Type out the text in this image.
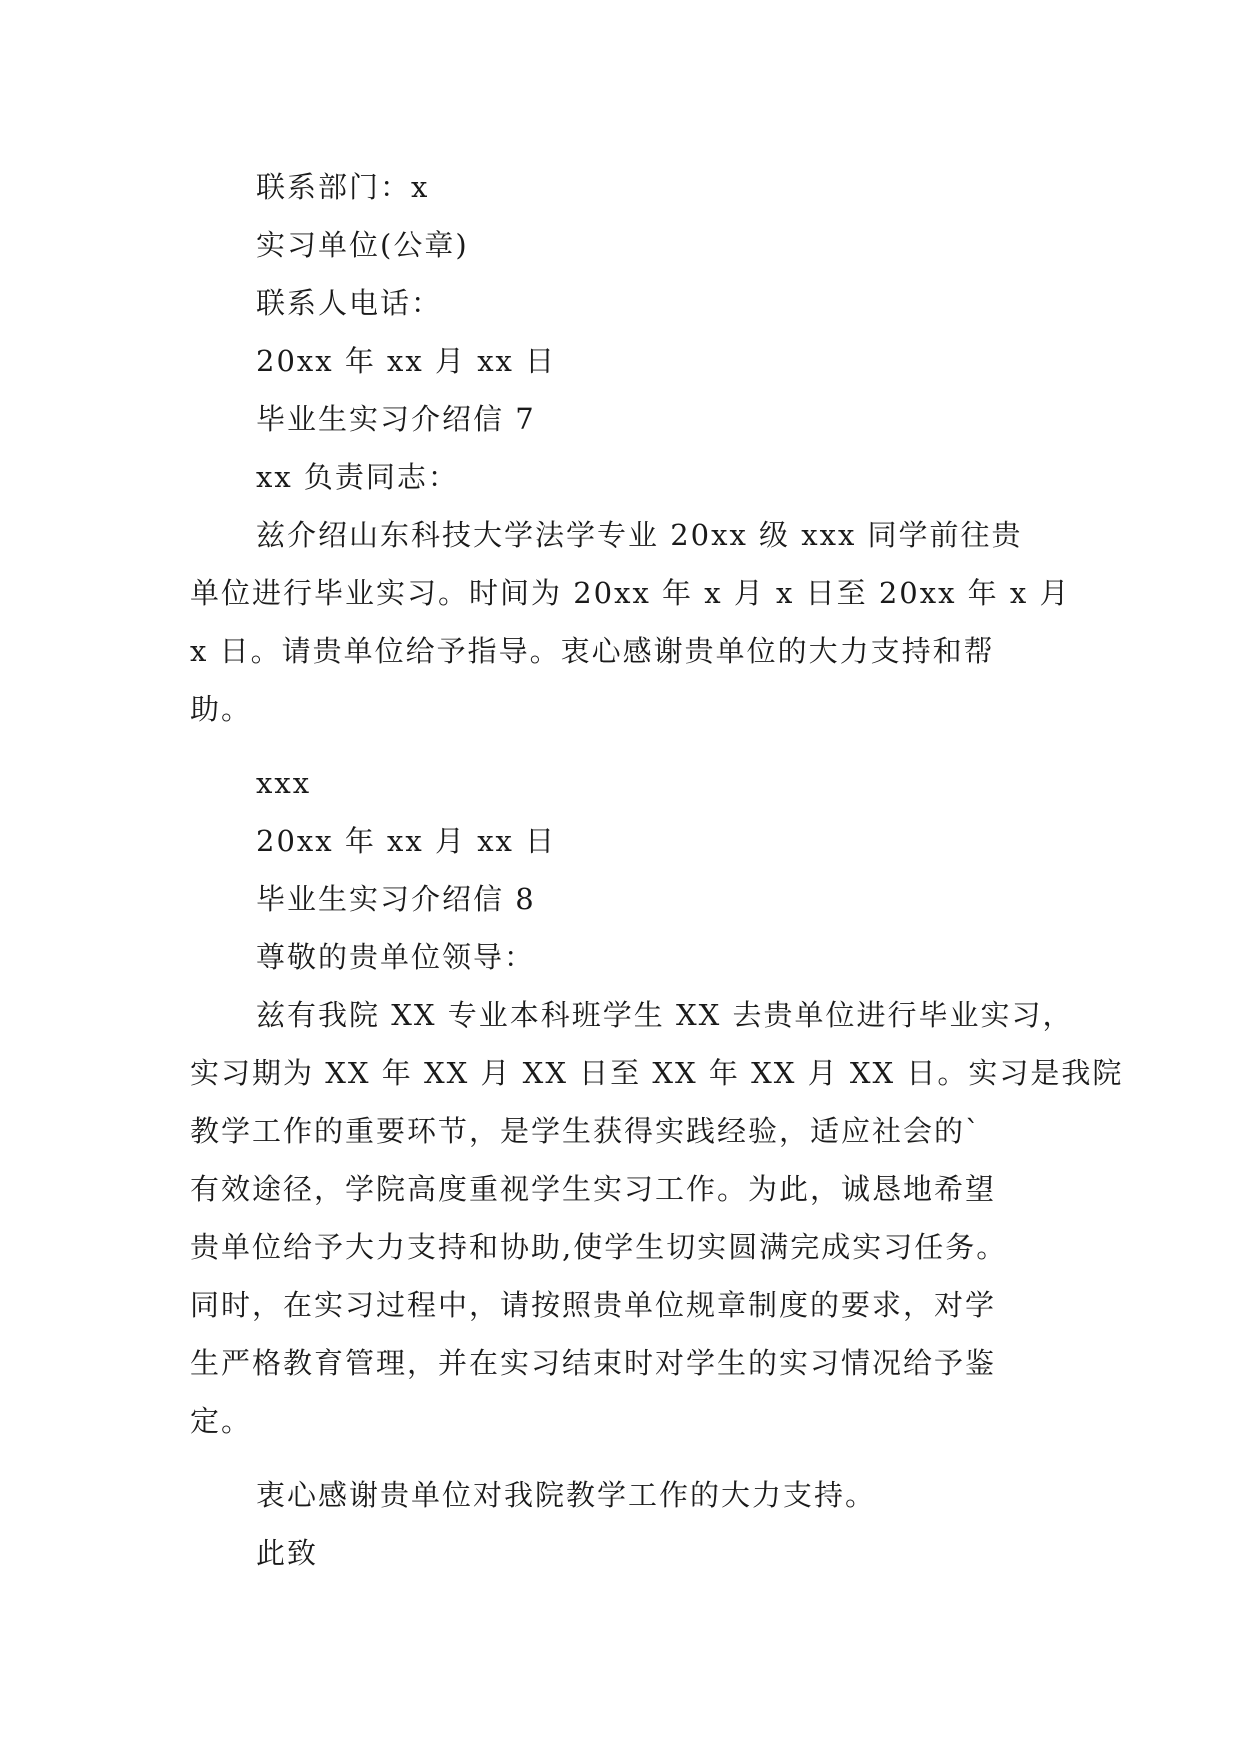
联系部门：x
实习单位(公章)
联系人电话：
20xx 年 xx 月 xx 日
毕业生实习介绍信 7
xx 负责同志：
兹介绍山东科技大学法学专业 20xx 级 xxx 同学前往贵
单位进行毕业实习。时间为 20xx 年 x 月 x 日至 20xx 年 x 月
x 日。请贵单位给予指导。衷心感谢贵单位的大力支持和帮
助。
xxx
20xx 年 xx 月 xx 日
毕业生实习介绍信 8
尊敬的贵单位领导：
兹有我院 XX 专业本科班学生 XX 去贵单位进行毕业实习，
实习期为 XX 年 XX 月 XX 日至 XX 年 XX 月 XX 日。实习是我院
教学工作的重要环节，是学生获得实践经验，适应社会的`
有效途径，学院高度重视学生实习工作。为此，诚恳地希望
贵单位给予大力支持和协助,使学生切实圆满完成实习任务。
同时，在实习过程中，请按照贵单位规章制度的要求，对学
生严格教育管理，并在实习结束时对学生的实习情况给予鉴
定。
衷心感谢贵单位对我院教学工作的大力支持。
此致
